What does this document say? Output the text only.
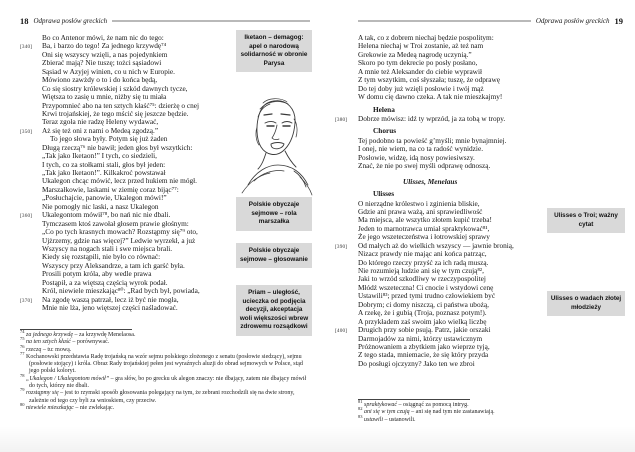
18 Odprawa posłów greckich
Bo co Antenor mówi, że nam nic do tego:
[340]	Ba, i barzo do tego! Za jednego krzywdę⁷⁴
Oni się wszyscy wzięli, a nas pojedynkiem
Zbierać mają? Nie tuszę; tożci sąsiadowi
Sąsiad w Azyjej winien, co u nich w Europie.
Mówiono zawżdy o to i do końca będą,
Co się siostry królewskiej i szkód dawnych tycze,
Więtsza to zasię u mnie, niżby się tu miała
Przypomnieć abo na ten sztych kłaść⁷⁵: dzierżę o cnej
Krwi trojańskiej, że tego mścić się jeszcze będzie.
Teraz zgoła nie radzę Heleny wydawać,
[350]	Aż się też oni z nami o Medeą zgodzą.”
To jego słowa były. Potym się już żaden
Długą rzeczą⁷⁶ nie bawił; jeden głos był wszytkich:
„Tak jako Iketaon!” I tych, co siedzieli,
I tych, co za stołkami stali, głos był jeden:
„Tak jako Iketaon!”. Kilkakroć powstawał
Ukalegon chcąc mówić, lecz przed hukiem nie mógł.
Marszałkowie, laskami w ziemię coraz bijąc⁷⁷:
„Posłuchajcie, panowie, Ukalegon mówi!”
Nie pomogły nic laski, a nasz Ukalegon
[360]	Ukalegontom mówił⁷⁸, bo nań nic nie dbali.
Tymczasem ktoś zawołał głosem prawie głośnym:
„Co po tych krasnych mowach? Rozstąpmy się⁷⁹ oto,
Ujżrzemy, gdzie nas więcej?” Ledwie wyrzekł, a już
Wszyscy na nogach stali i swe miejsca brali.
Kiedy się rozstąpili, nie było co równać:
Wszyscy przy Aleksandrze, a tam ich garść była.
Prosili potym króla, aby wedle prawa
Postąpił, a za więtszą częścią wyrok podał.
Król, niewiele mieszkając⁸⁰: „Rad bych był, powiada,
[370]	Na zgodę waszą patrzał, lecz iż być nie mogła,
Mnie nie lża, jeno więtszej części naśladować.
Iketaon – demagog: apel o narodową solidarność w obronie Parysa
Polskie obyczaje sejmowe – rola marszałka
Polskie obyczaje sejmowe – głosowanie
Priam – uległość, ucieczka od podjęcia decyzji, akceptacja woli większości wbrew zdrowemu rozsądkowi
$^{74}$ za jednego krzywdę – za krzywdę Menelaosa.
$^{75}$ na ten sztych kłaść – porównywać.
$^{76}$ rzeczą – tu: mową.
$^{77}$ Kochanowski przedstawia Radę trojańską na wzór sejmu polskiego złożonego z senatu (posłowie siedzący), sejmu (posłowie stojący) i króla. Obraz Rady trojańskiej pełen jest wyraźnych aluzji do obrad sejmowych w Polsce, stąd jego polski koloryt.
$^{78}$ „Ukalegon / Ukalegontom mówił” – gra słów, bo po grecku uk alegon znaczy: nie dbający, zatem nie dbający mówił do tych, którzy nie dbali.
$^{79}$ rozstąpmy się – jest to rzymski sposób głosowania polegający na tym, że zebrani rozchodzili się na dwie strony, zależnie od tego czy byli za wnioskiem, czy przeciw.
$^{80}$ niewiele mieszkając – nie zwlekając.
Odprawa posłów greckich 19
A tak, co z dobrem niechaj będzie pospolitym:
Helena niechaj w Troi zostanie, aż też nam
Grekowie za Medeą nagrodę uczynią.”
Skoro po tym dekrecie po posły posłano,
A mnie też Aleksander do ciebie wyprawił
Z tym wszytkim, coś słyszała; tuszę, że odprawę
Do tej doby już wzięli posłowie i twój mąż
W domu cię dawno czeka. A tak nie mieszkajmy!
Helena
[380]	Dobrze mówisz: idź ty wprzód, ja za tobą w tropy.
Chorus
Tej podobno ta powieść g’myśli; mnie bynajmniej.
I onej, nie wiem, na co ta radość wynidzie.
Posłowie, widzę, idą nosy powiesiwszy.
Znać, że nie po swej myśli odprawę odnoszą.
Ulisses, Menelaus
Ulisses
O nierządne królestwo i zginienia bliskie,
Gdzie ani prawa ważą, ani sprawiedliwość
Ma miejsca, ale wszytko złotem kupić trzeba!
Jeden to marnotrawca umiał spraktykować⁸¹,
Że jego wszeteczeństwa i łotrowskiej sprawy
[390]	Od małych aż do wielkich wszyscy — jawnie bronią,
Nizacz prawdy nie mając ani końca patrząc,
Do którego rzeczy przyść za ich radą muszą.
Nie rozumieją ludzie ani się w tym czują⁸²,
Jaki to wrzód szkodliwy w rzeczypospolitej
Młódź wszeteczna! Ci cnocie i wstydowi cenę
Ustawili⁸³; przed tymi trudno człowiekiem być
Dobrym; ci domy niszczą, ci państwa ubożą,
A rzekę, że i gubią (Troja, poznasz potym!).
A przykładem zaś swoim jako wielką liczbę
[400]	Drugich przy sobie psują. Patrz, jakie orszaki
Darmojadów za nimi, którzy ustawicznym
Próżnowaniem a zbytkiem jako wieprze tyją,
Z tego stada, mniemacie, że się który przyda
Do posługi ojczyzny? Jako ten we zbroi
Ulisses o Troi; ważny cytat
Ulisses o wadach złotej młodzieży
$^{81}$ spraktykować – osiągnąć za pomocą intryg.
$^{82}$ ani się w tym czują – ani się nad tym nie zastanawiają.
$^{83}$ ustawili – ustanowili.
